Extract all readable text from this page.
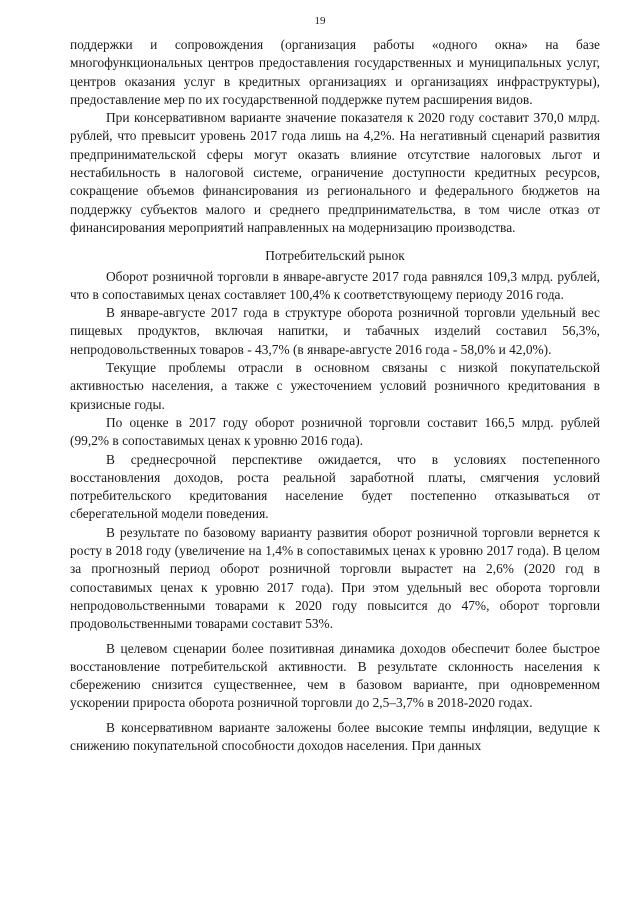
19

поддержки и сопровождения (организация работы «одного окна» на базе многофункциональных центров предоставления государственных и муниципальных услуг, центров оказания услуг в кредитных организациях и организациях инфраструктуры), предоставление мер по их государственной поддержке путем расширения видов.

При консервативном варианте значение показателя к 2020 году составит 370,0 млрд. рублей, что превысит уровень 2017 года лишь на 4,2%. На негативный сценарий развития предпринимательской сферы могут оказать влияние отсутствие налоговых льгот и нестабильность в налоговой системе, ограничение доступности кредитных ресурсов, сокращение объемов финансирования из регионального и федерального бюджетов на поддержку субъектов малого и среднего предпринимательства, в том числе отказ от финансирования мероприятий направленных на модернизацию производства.

Потребительский рынок

Оборот розничной торговли в январе-августе 2017 года равнялся 109,3 млрд. рублей, что в сопоставимых ценах составляет 100,4% к соответствующему периоду 2016 года.

В январе-августе 2017 года в структуре оборота розничной торговли удельный вес пищевых продуктов, включая напитки, и табачных изделий составил 56,3%, непродовольственных товаров - 43,7% (в январе-августе 2016 года - 58,0% и 42,0%).

Текущие проблемы отрасли в основном связаны с низкой покупательской активностью населения, а также с ужесточением условий розничного кредитования в кризисные годы.

По оценке в 2017 году оборот розничной торговли составит 166,5 млрд. рублей (99,2% в сопоставимых ценах к уровню 2016 года).

В среднесрочной перспективе ожидается, что в условиях постепенного восстановления доходов, роста реальной заработной платы, смягчения условий потребительского кредитования население будет постепенно отказываться от сберегательной модели поведения.

В результате по базовому варианту развития оборот розничной торговли вернется к росту в 2018 году (увеличение на 1,4% в сопоставимых ценах к уровню 2017 года). В целом за прогнозный период оборот розничной торговли вырастет на 2,6% (2020 год в сопоставимых ценах к уровню 2017 года). При этом удельный вес оборота торговли непродовольственными товарами к 2020 году повысится до 47%, оборот торговли продовольственными товарами составит 53%.

В целевом сценарии более позитивная динамика доходов обеспечит более быстрое восстановление потребительской активности. В результате склонность населения к сбережению снизится существеннее, чем в базовом варианте, при одновременном ускорении прироста оборота розничной торговли до 2,5–3,7% в 2018-2020 годах.

В консервативном варианте заложены более высокие темпы инфляции, ведущие к снижению покупательной способности доходов населения. При данных
